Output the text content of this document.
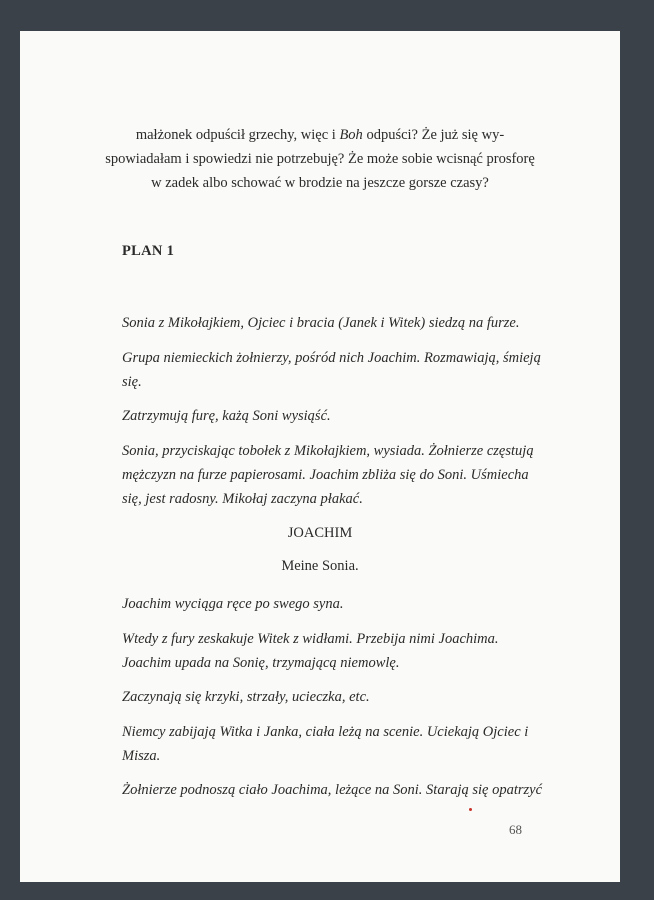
małżonek odpuścił grzechy, więc i Boh odpuści? Że już się wy-
spowiadałam i spowiedzi nie potrzebuję? Że może sobie wcisnąć prosforę
w zadek albo schować w brodzie na jeszcze gorsze czasy?
PLAN 1
Sonia z Mikołajkiem, Ojciec i bracia (Janek i Witek) siedzą na furze.
Grupa niemieckich żołnierzy, pośród nich Joachim. Rozmawiają, śmieją
się.
Zatrzymują furę, każą Soni wysiąść.
Sonia, przyciskając tobołek z Mikołajkiem, wysiada. Żołnierze częstują
mężczyzn na furze papierosami. Joachim zbliża się do Soni. Uśmiecha
się, jest radosny. Mikołaj zaczyna płakać.
JOACHIM
Meine Sonia.
Joachim wyciąga ręce po swego syna.
Wtedy z fury zeskakuje Witek z widłami. Przebija nimi Joachima.
Joachim upada na Sonię, trzymającą niemowlę.
Zaczynają się krzyki, strzały, ucieczka, etc.
Niemcy zabijają Witka i Janka, ciała leżą na scenie. Uciekają Ojciec i
Misza.
Żołnierze podnoszą ciało Joachima, leżące na Soni. Starają się opatrzyć
68
